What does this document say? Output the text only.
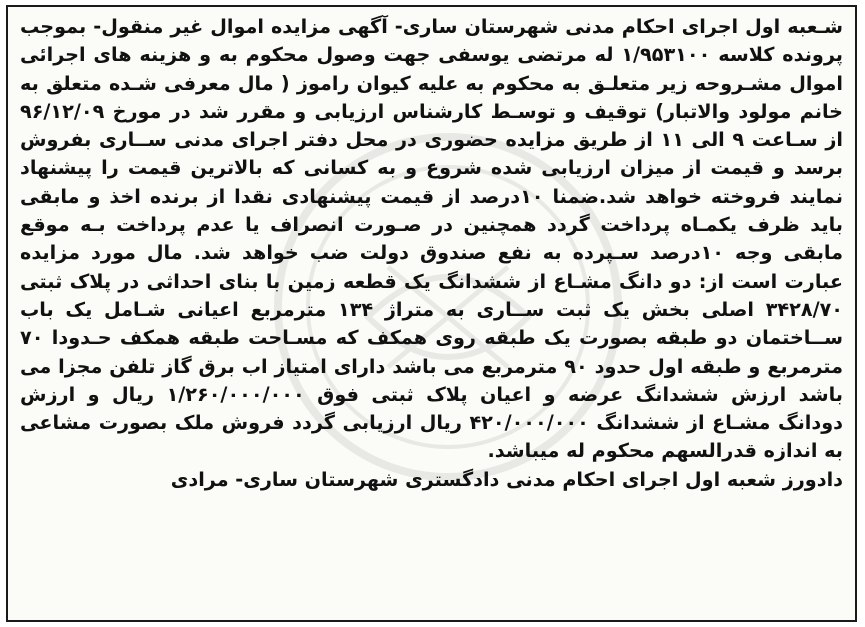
شـعبه اول اجرای احکام مدنی شهرستان ساری- آگهی مزایده اموال غیر منقول- بموجب پرونده کلاسه ۱/۹۵۳۱۰۰ له مرتضی یوسفی جهت وصول محکوم به و هزینه های اجرائی اموال مشـروحه زیر متعلـق به محکوم به علیه کیوان راموز ( مال معرفی شـده متعلق به خانم مولود والاتبار) توقیف و توسـط کارشناس ارزیابی و مقرر شد در مورخ ۹۶/۱۲/۰۹ از سـاعت ۹ الی ۱۱ از طریق مزایده حضوری در محل دفتر اجرای مدنی ســاری بفروش برسد و قیمت از میزان ارزیابی شده شروع و به کسانی که بالاترین قیمت را پیشنهاد نمایند فروخته خواهد شد.ضمنا ۱۰درصد از قیمت پیشنهادی نقدا از برنده اخذ و مابقی باید ظرف یکمـاه پرداخت گردد همچنین در صـورت انصراف یا عدم پرداخت بـه موقع مابقی وجه ۱۰درصد سـپرده به نفع صندوق دولت ضب خواهد شد. مال مورد مزایده عبارت است از: دو دانگ مشـاع از ششدانگ یک قطعه زمین با بنای احداثی در پلاک ثبتی ۳۴۲۸/۷۰ اصلی بخش یک ثبت ســاری به متراژ ۱۳۴ مترمربع اعیانی شـامل یک باب ســاختمان دو طبقه بصورت یک طبقه روی همکف که مسـاحت طبقه همکف حـدودا ۷۰ مترمربع و طبقه اول حدود ۹۰ مترمربع می باشد دارای امتیاز اب برق گاز تلفن مجزا می باشد ارزش ششدانگ عرضه و اعیان پلاک ثبتی فوق ۱/۲۶۰/۰۰۰/۰۰۰ ریال و ارزش دودانگ مشـاع از ششدانگ ۴۲۰/۰۰۰/۰۰۰ ریال ارزیابی گردد فروش ملک بصورت مشاعی به اندازه قدرالسهم محکوم له میباشد.

دادورز شعبه اول اجرای احکام مدنی دادگستری شهرستان ساری- مرادی
